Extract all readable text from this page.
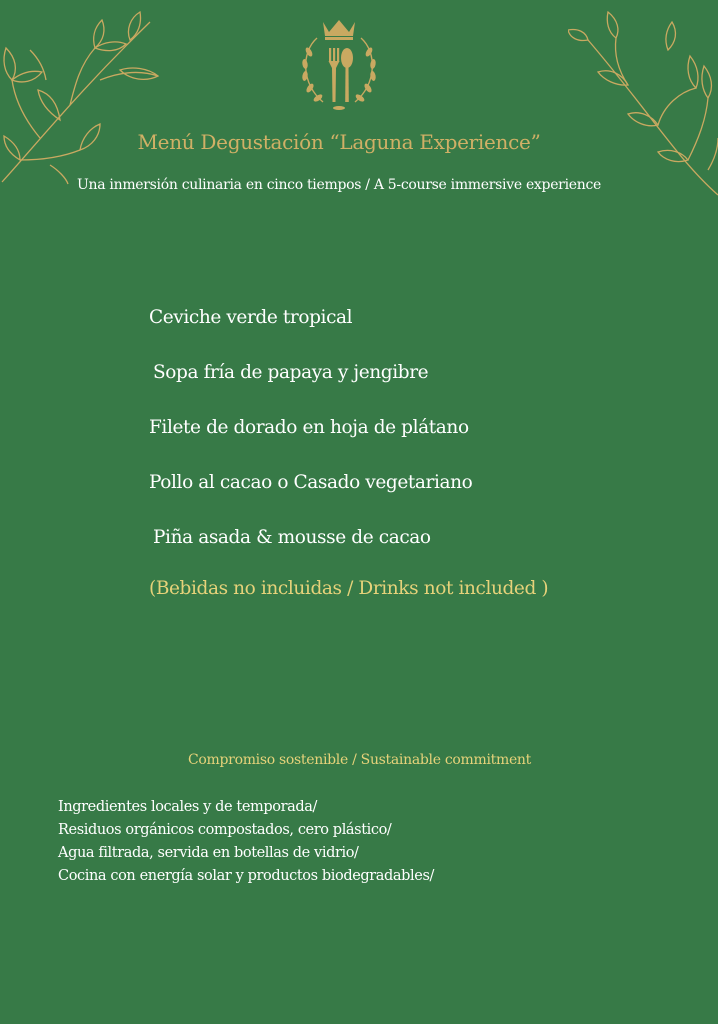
Menú Degustación “Laguna Experience”
Una inmersión culinaria en cinco tiempos / A 5-course immersive experience
Ceviche verde tropical
Sopa fría de papaya y jengibre
Filete de dorado en hoja de plátano
Pollo al cacao o Casado vegetariano
Piña asada & mousse de cacao
(Bebidas no incluidas / Drinks not included )
Compromiso sostenible / Sustainable commitment
Ingredientes locales y de temporada/
Residuos orgánicos compostados, cero plástico/
Agua filtrada, servida en botellas de vidrio/
Cocina con energía solar y productos biodegradables/
